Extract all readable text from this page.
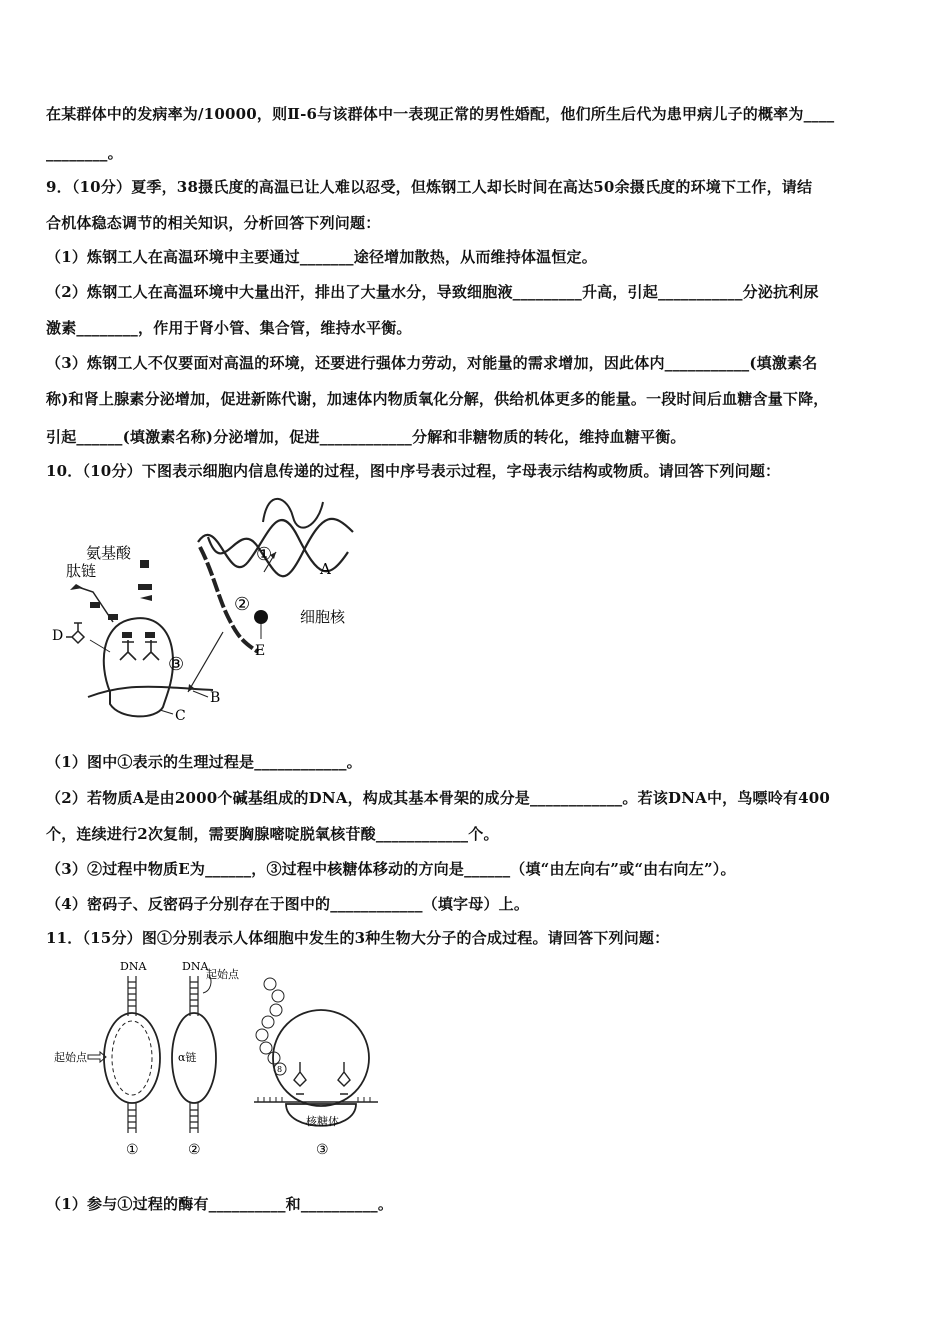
在某群体中的发病率为/10000，则Ⅱ-6与该群体中一表现正常的男性婚配，他们所生后代为患甲病儿子的概率为____
________。
9．（10分）夏季，38摄氏度的高温已让人难以忍受，但炼钢工人却长时间在高达50余摄氏度的环境下工作，请结
合机体稳态调节的相关知识，分析回答下列问题：
（1）炼钢工人在高温环境中主要通过_______途径增加散热，从而维持体温恒定。
（2）炼钢工人在高温环境中大量出汗，排出了大量水分，导致细胞液_________升高，引起___________分泌抗利尿
激素________，作用于肾小管、集合管，维持水平衡。
（3）炼钢工人不仅要面对高温的环境，还要进行强体力劳动，对能量的需求增加，因此体内___________(填激素名
称)和肾上腺素分泌增加，促进新陈代谢，加速体内物质氧化分解，供给机体更多的能量。一段时间后血糖含量下降，
引起______(填激素名称)分泌增加，促进____________分解和非糖物质的转化，维持血糖平衡。
10．（10分）下图表示细胞内信息传递的过程，图中序号表示过程，字母表示结构或物质。请回答下列问题：
①
②
A
E
细胞核
B
C
③
氨基酸
肽链
D
（1）图中①表示的生理过程是____________。
（2）若物质A是由2000个碱基组成的DNA，构成其基本骨架的成分是____________。若该DNA中，鸟嘌呤有400
个，连续进行2次复制，需要胸腺嘧啶脱氧核苷酸____________个。
（3）②过程中物质E为______，③过程中核糖体移动的方向是______（填“由左向右”或“由右向左”）。
（4）密码子、反密码子分别存在于图中的____________（填字母）上。
11．（15分）图①分别表示人体细胞中发生的3种生物大分子的合成过程。请回答下列问题：
DNA
起始点
①
DNA
起始点
α链
②
8
核糖体
③
（1）参与①过程的酶有__________和__________。
